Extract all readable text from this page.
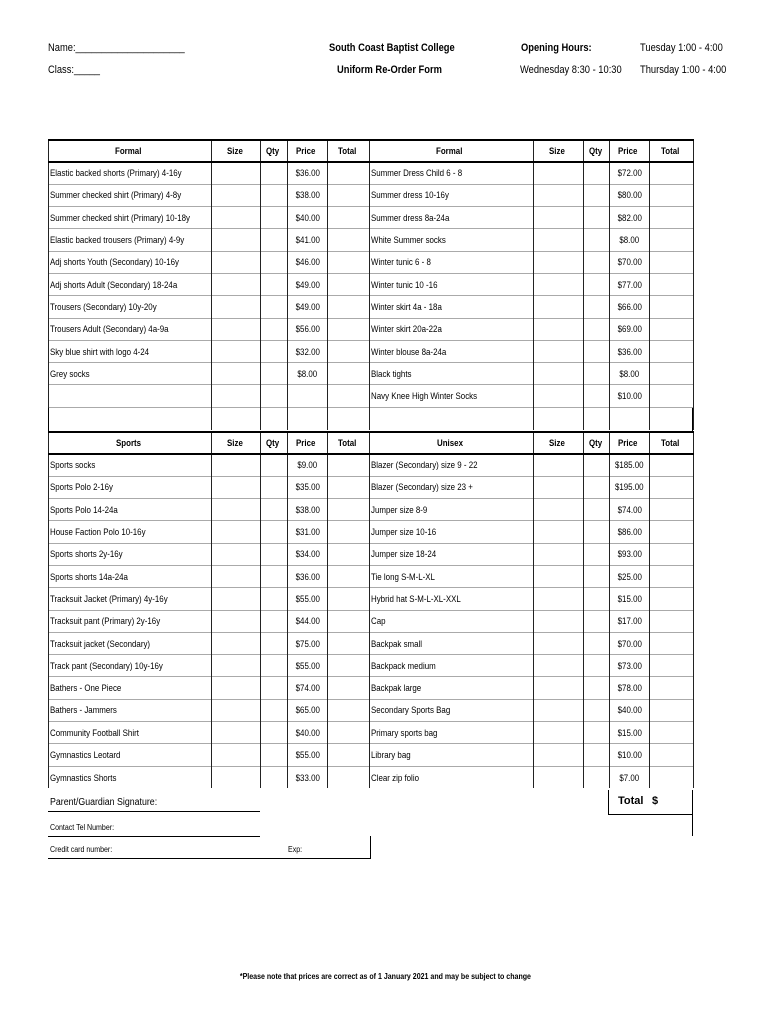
Name:_____________________
Class:_____
South Coast Baptist College
Uniform Re-Order Form
Opening Hours:
Wednesday 8:30 - 10:30
Tuesday 1:00 - 4:00
Thursday 1:00 - 4:00
Formal	Size	Qty	Price	Total	Formal	Size	Qty	Price	Total
Elastic backed shorts (Primary) 4-16y			$36.00		Summer Dress Child 6 - 8			$72.00	
Summer checked shirt (Primary) 4-8y			$38.00		Summer dress 10-16y			$80.00	
Summer checked shirt (Primary) 10-18y			$40.00		Summer dress 8a-24a			$82.00	
Elastic backed trousers (Primary) 4-9y			$41.00		White Summer socks			$8.00	
Adj shorts Youth (Secondary) 10-16y			$46.00		Winter tunic 6 - 8			$70.00	
Adj shorts Adult (Secondary) 18-24a			$49.00		Winter tunic 10 -16			$77.00	
Trousers (Secondary) 10y-20y			$49.00		Winter skirt 4a - 18a			$66.00	
Trousers Adult (Secondary) 4a-9a			$56.00		Winter skirt 20a-22a			$69.00	
Sky blue shirt with logo 4-24			$32.00		Winter blouse 8a-24a			$36.00	
Grey socks			$8.00		Black tights			$8.00	
					Navy Knee High Winter Socks			$10.00	

Sports	Size	Qty	Price	Total	Unisex	Size	Qty	Price	Total
Sports socks			$9.00		Blazer (Secondary) size 9 - 22			$185.00	
Sports Polo 2-16y			$35.00		Blazer (Secondary) size 23 +			$195.00	
Sports Polo 14-24a			$38.00		Jumper size 8-9			$74.00	
House Faction Polo 10-16y			$31.00		Jumper size 10-16			$86.00	
Sports shorts 2y-16y			$34.00		Jumper size 18-24			$93.00	
Sports shorts 14a-24a			$36.00		Tie long S-M-L-XL			$25.00	
Tracksuit Jacket (Primary) 4y-16y			$55.00		Hybrid hat S-M-L-XL-XXL			$15.00	
Tracksuit pant (Primary) 2y-16y			$44.00		Cap			$17.00	
Tracksuit jacket (Secondary)			$75.00		Backpak small			$70.00	
Track pant (Secondary) 10y-16y			$55.00		Backpack medium			$73.00	
Bathers - One Piece			$74.00		Backpak large			$78.00	
Bathers - Jammers			$65.00		Secondary Sports Bag			$40.00	
Community Football Shirt			$40.00		Primary sports bag			$15.00	
Gymnastics Leotard			$55.00		Library bag			$10.00	
Gymnastics Shorts			$33.00		Clear zip folio			$7.00	
Parent/Guardian Signature:
Contact Tel Number:
Credit card number:	Exp:
Total $
*Please note that prices are correct as of 1 January 2021 and may be subject to change
